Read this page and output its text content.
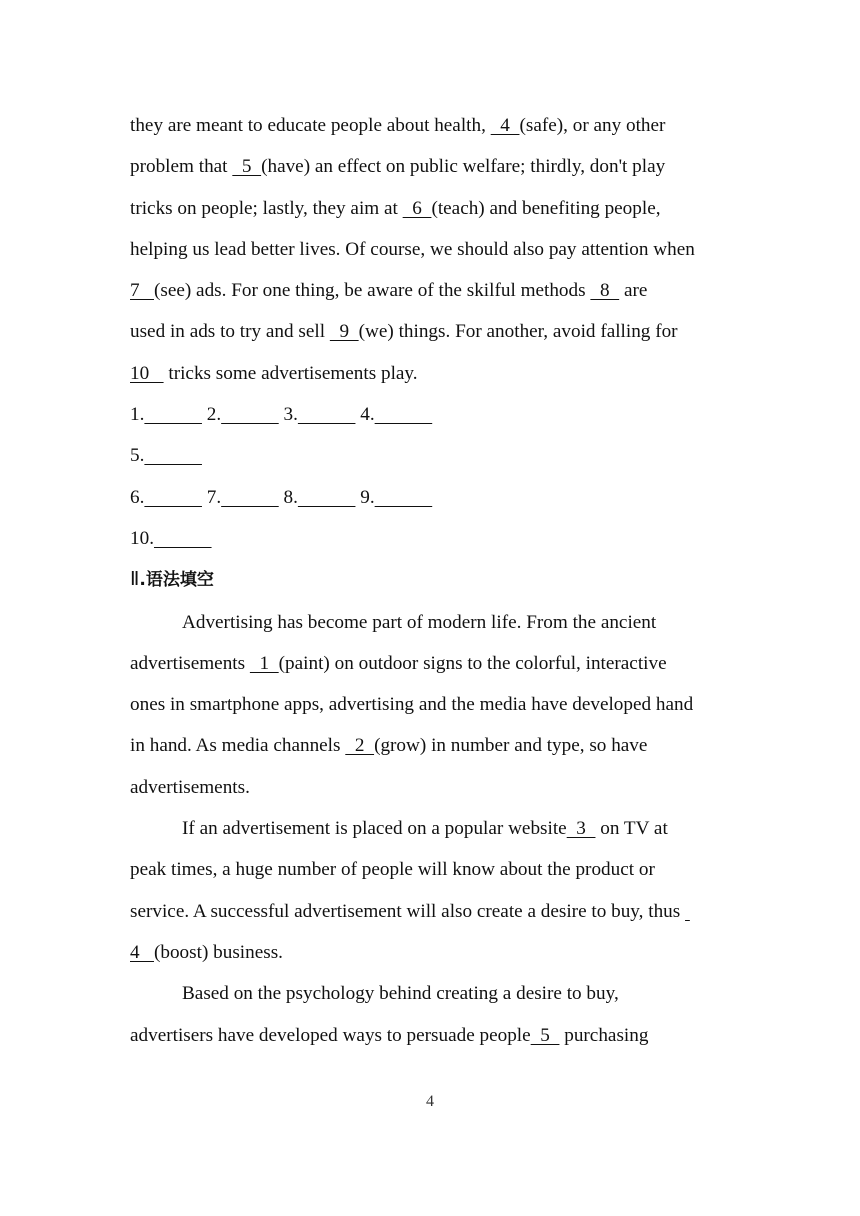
they are meant to educate people about health,   4  (safe), or any other
problem that   5  (have) an effect on public welfare; thirdly, don't play
tricks on people; lastly, they aim at   6  (teach) and benefiting people,
helping us lead better lives. Of course, we should also pay attention when
7   (see) ads. For one thing, be aware of the skilful methods   8   are
used in ads to try and sell   9  (we) things. For another, avoid falling for
10    tricks some advertisements play.
1.	2.	3.	4.
5.
6.	7.	8.	9.
10.
Ⅱ.语法填空
Advertising has become part of modern life. From the ancient
advertisements   1  (paint) on outdoor signs to the colorful, interactive
ones in smartphone apps, advertising and the media have developed hand
in hand. As media channels   2  (grow) in number and type, so have
advertisements.
If an advertisement is placed on a popular website  3   on TV at
peak times, a huge number of people will know about the product or
service. A successful advertisement will also create a desire to buy, thus
4   (boost) business.
Based on the psychology behind creating a desire to buy,
advertisers have developed ways to persuade people  5   purchasing
4
